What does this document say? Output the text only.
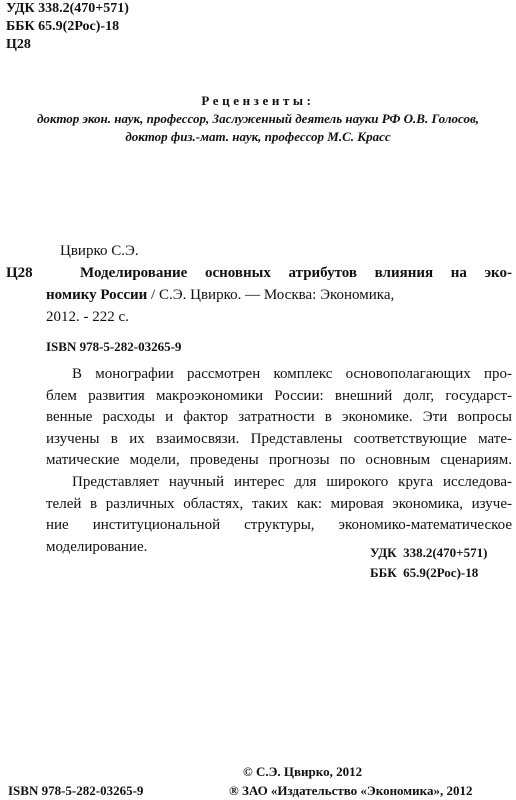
УДК 338.2(470+571)
ББК 65.9(2Рос)-18
Ц28
Рецензенты:
доктор экон. наук, профессор, Заслуженный деятель науки РФ О.В. Голосов,
доктор физ.-мат. наук, профессор М.С. Красс
Цвирко С.Э.
Ц28	Моделирование основных атрибутов влияния на эко-
номику России / С.Э. Цвирко. — Москва: Экономика,
2012. - 222 с.
ISBN 978-5-282-03265-9
В монографии рассмотрен комплекс основополагающих про-
блем развития макроэкономики России: внешний долг, государст-
венные расходы и фактор затратности в экономике. Эти вопросы
изучены в их взаимосвязи. Представлены соответствующие мате-
матические модели, проведены прогнозы по основным сценариям.
Представляет научный интерес для широкого круга исследова-
телей в различных областях, таких как: мировая экономика, изуче-
ние институциональной структуры, экономико-математическое
моделирование.	УДК  338.2(470+571)
ББК  65.9(2Рос)-18
© С.Э. Цвирко, 2012
ISBN 978-5-282-03265-9	® ЗАО «Издательство «Экономика», 2012
